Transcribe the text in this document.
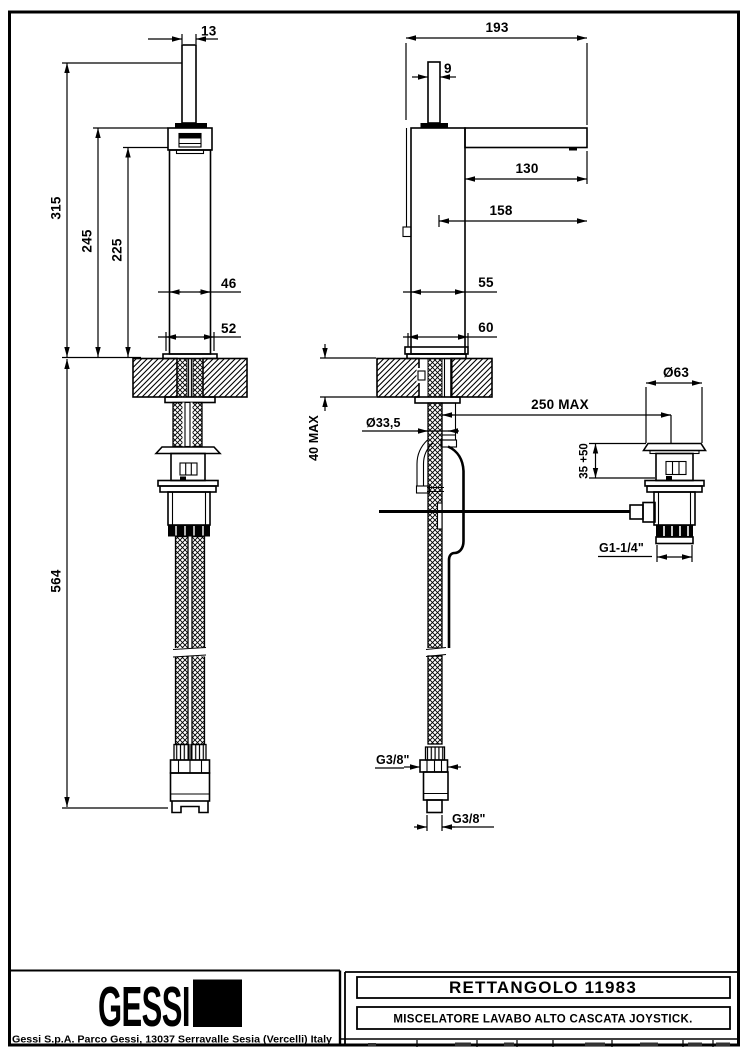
13
315
245 225
46
52
564
193
9
130
158
55
60
40 MAX	Ø33,5
250 MAX
G3/8"
G3/8"
Ø63
35 +50
G1-1/4"
RETTANGOLO 11983
MISCELATORE LAVABO ALTO CASCATA JOYSTICK.
GESSI
Gessi S.p.A. Parco Gessi, 13037 Serravalle Sesia (Vercelli) Italy
